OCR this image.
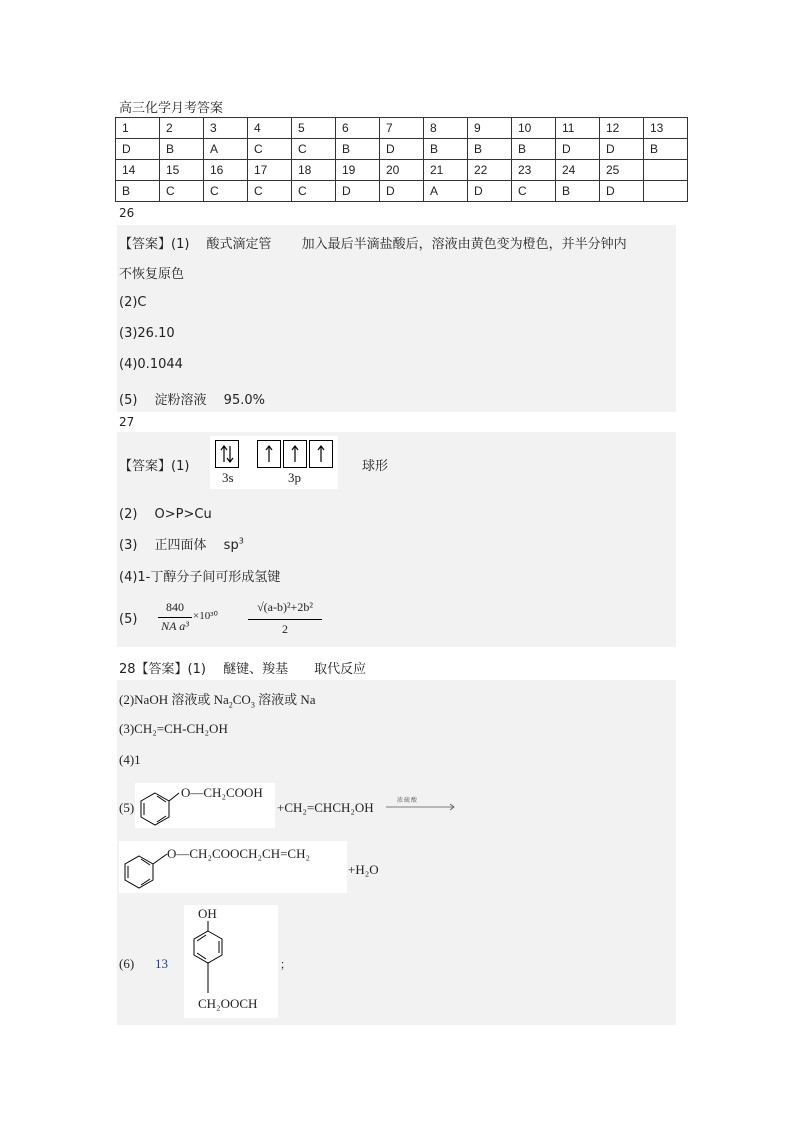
高三化学月考答案
1	2	3	4	5	6	7	8	9	10	11	12	13
D	B	A	C	C	B	D	B	B	B	D	D	B
14	15	16	17	18	19	20	21	22	23	24	25	
B	C	C	C	C	D	D	A	D	C	B	D	
26
【答案】(1)　 酸式滴定管　　 加入最后半滴盐酸后，溶液由黄色变为橙色，并半分钟内
不恢复原色
(2)C
(3)26.10
(4)0.1044
(5)　 淀粉溶液　 95.0%
27
【答案】(1)
3s	3p
球形
(2)　 O>P>Cu
(3)　 正四面体　 $sp^3$
(4)1-丁醇分子间可形成氢键
(5)
840
NA a³
×10³⁰
√(a-b)²+2b²
2
28【答案】(1)　 醚键、羧基　　取代反应
(2)NaOH 溶液或 $Na_2CO_3$ 溶液或 Na
(3)CH₂=CH-CH₂OH
(4)1
(5)
O—CH₂COOH
+CH₂=CHCH₂OH	浓硫酸
O—CH₂COOCH₂CH=CH₂
+H₂O
(6) 13
OH
CH₂OOCH
；
